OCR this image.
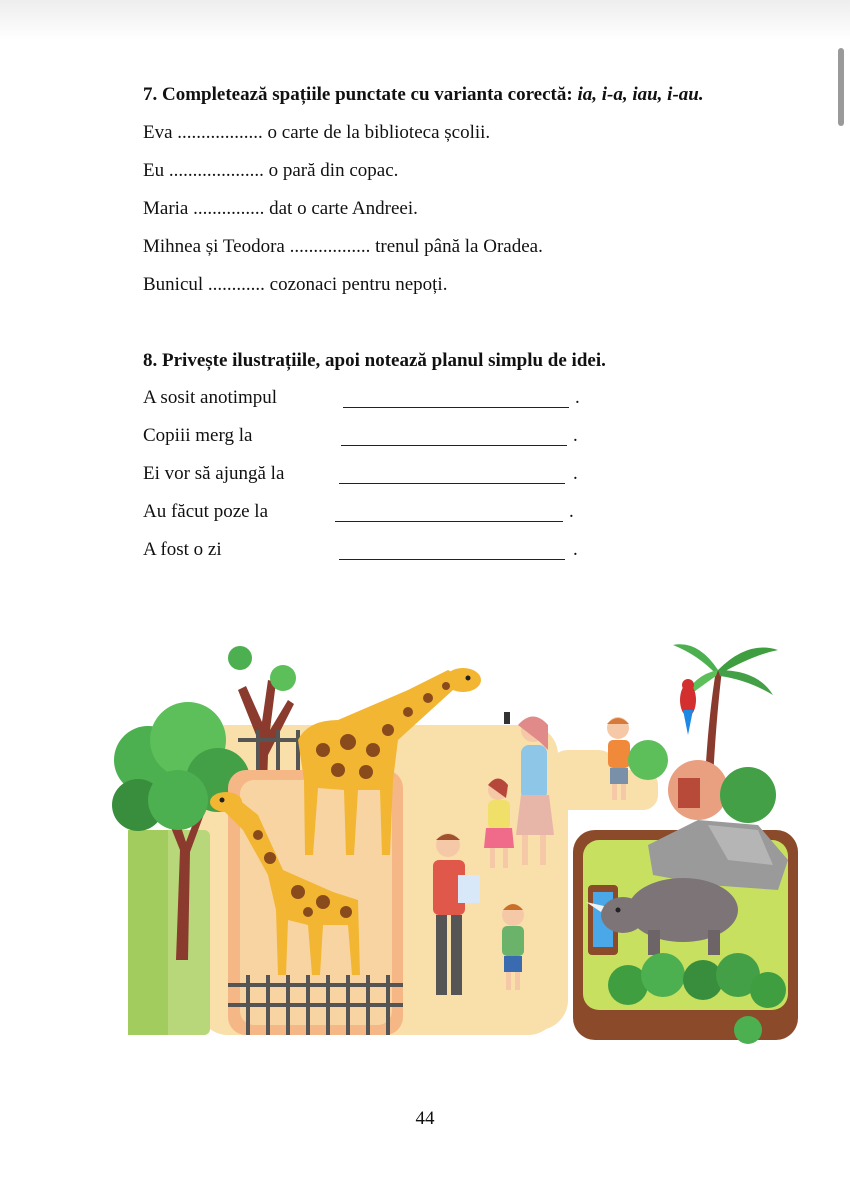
7. Completează spațiile punctate cu varianta corectă: ia, i-a, iau, i-au.
Eva .................. o carte de la biblioteca școlii.
Eu .................... o pară din copac.
Maria ............... dat o carte Andreei.
Mihnea și Teodora ................. trenul până la Oradea.
Bunicul ............ cozonaci pentru nepoți.
8. Privește ilustrațiile, apoi notează planul simplu de idei.
A sosit anotimpul	.
Copiii merg la	.
Ei vor să ajungă la	.
Au făcut poze la	.
A fost o zi	.
44
